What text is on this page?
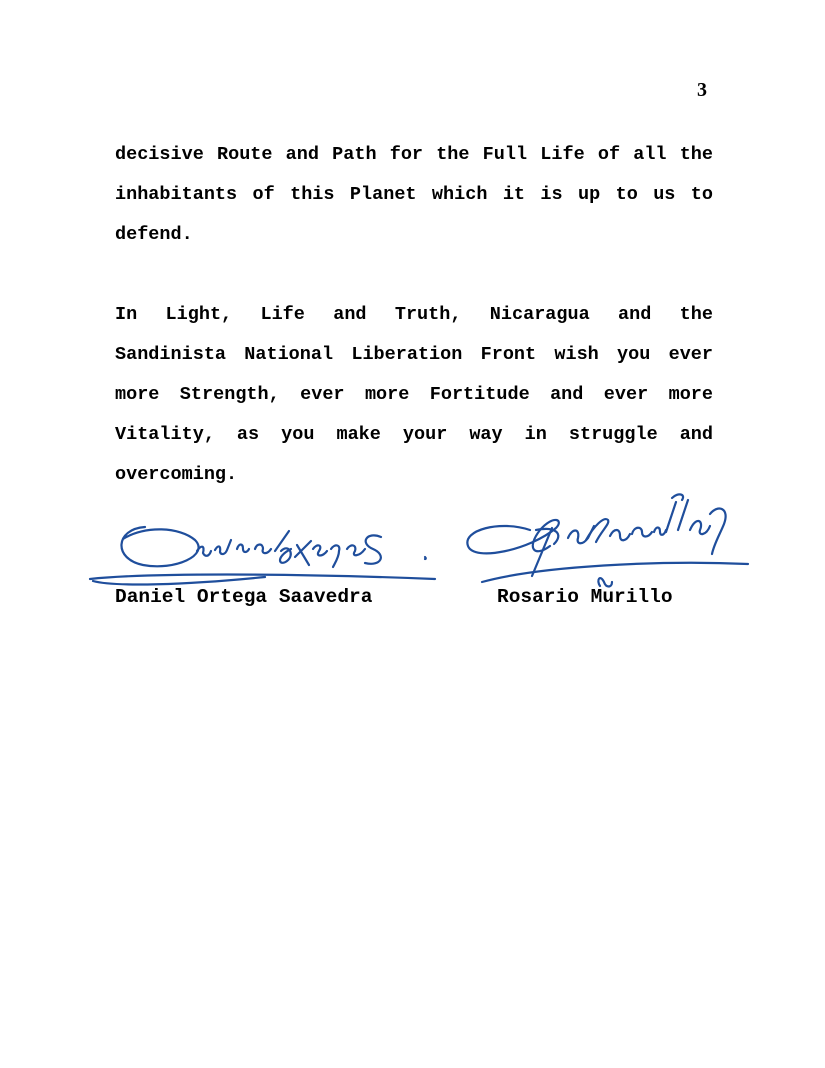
3

decisive Route and Path for the Full Life of all the inhabitants of this Planet which it is up to us to defend.

In Light, Life and Truth, Nicaragua and the Sandinista National Liberation Front wish you ever more Strength, ever more Fortitude and ever more Vitality, as you make your way in struggle and overcoming.

Daniel Ortega Saavedra	Rosario Murillo
